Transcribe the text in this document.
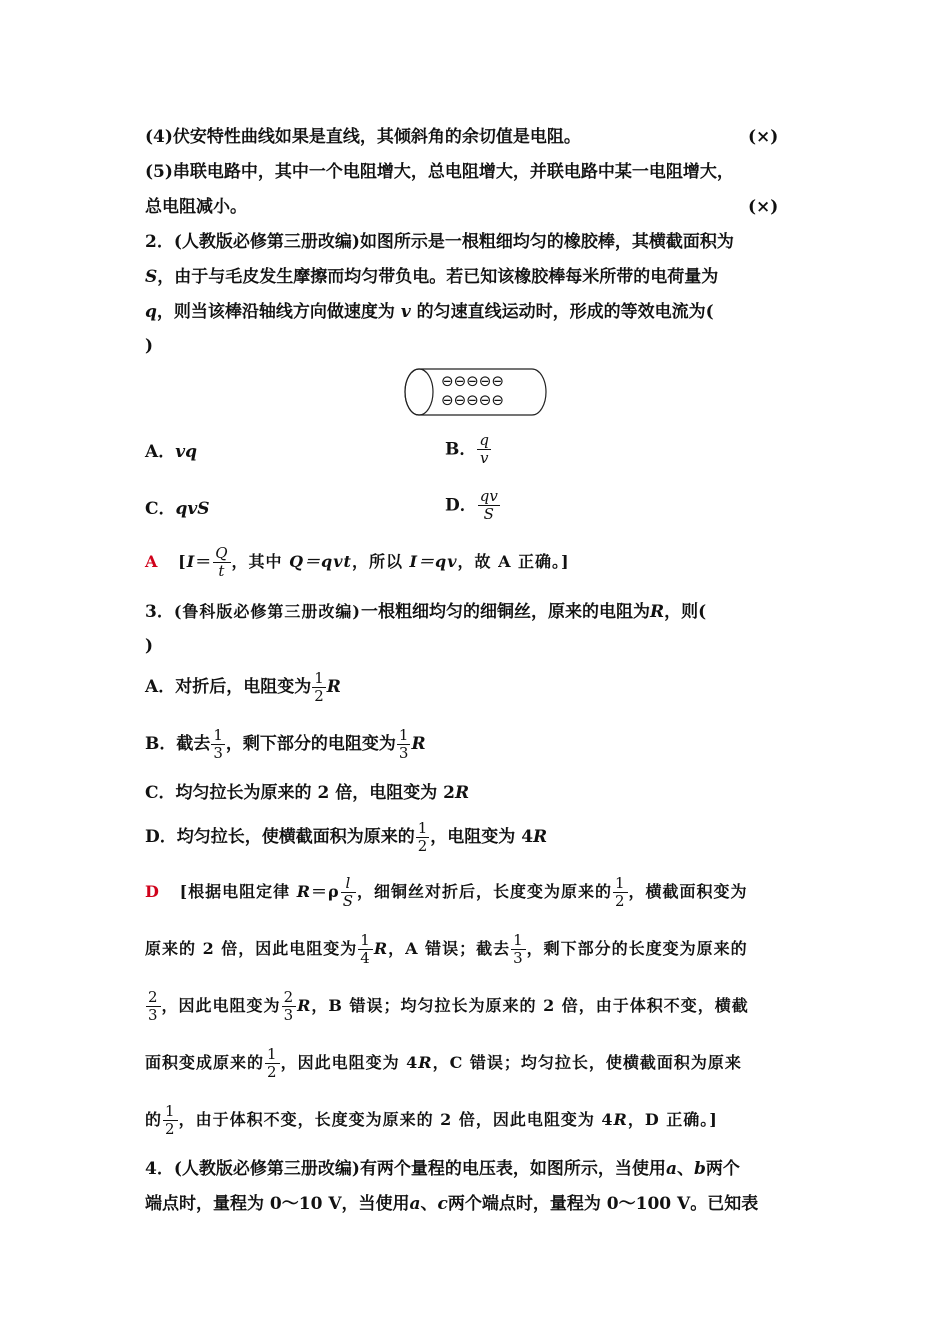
(4)伏安特性曲线如果是直线，其倾斜角的余切值是电阻。	(×)
(5)串联电路中，其中一个电阻增大，总电阻增大，并联电路中某一电阻增大，
总电阻减小。	(×)
2．(人教版必修第三册改编)如图所示是一根粗细均匀的橡胶棒，其横截面积为
S，由于与毛皮发生摩擦而均匀带负电。若已知该橡胶棒每米所带的电荷量为
q，则当该棒沿轴线方向做速度为 v 的匀速直线运动时，形成的等效电流为(
)
⊖⊖⊖⊖⊖
⊖⊖⊖⊖⊖
A．vq	B． $\frac{q}{v}$
C．qvS	D． $\frac{qv}{S}$
A [$I= \frac{Q}{t}$ ，其中 Q＝qvt，所以 I＝qv，故 A 正确。]
3．(鲁科版必修第三册改编)一根粗细均匀的细铜丝，原来的电阻为R，则(
)
A．对折后，电阻变为 $\frac{1}{2}$ R
B．截去 $\frac{1}{3}$ ，剩下部分的电阻变为 $\frac{1}{3}$ R
C．均匀拉长为原来的 2 倍，电阻变为 2R
D．均匀拉长，使横截面积为原来的 $\frac{1}{2}$ ，电阻变为 4R
D [根据电阻定律 $R=\rho \frac{l}{S}$ ，细铜丝对折后，长度变为原来的 $\frac{1}{2}$ ，横截面积变为
原来的 2 倍，因此电阻变为 $\frac{1}{4}$ R，A 错误；截去 $\frac{1}{3}$ ，剩下部分的长度变为原来的
$\frac{2}{3}$ ，因此电阻变为 $\frac{2}{3}$ R，B 错误；均匀拉长为原来的 2 倍，由于体积不变，横截
面积变成原来的 $\frac{1}{2}$ ，因此电阻变为 4R，C 错误；均匀拉长，使横截面积为原来
的 $\frac{1}{2}$ ，由于体积不变，长度变为原来的 2 倍，因此电阻变为 4R，D 正确。]
4．(人教版必修第三册改编)有两个量程的电压表，如图所示，当使用a、b两个
端点时，量程为 0～10 V，当使用a、c两个端点时，量程为 0～100 V。已知表
